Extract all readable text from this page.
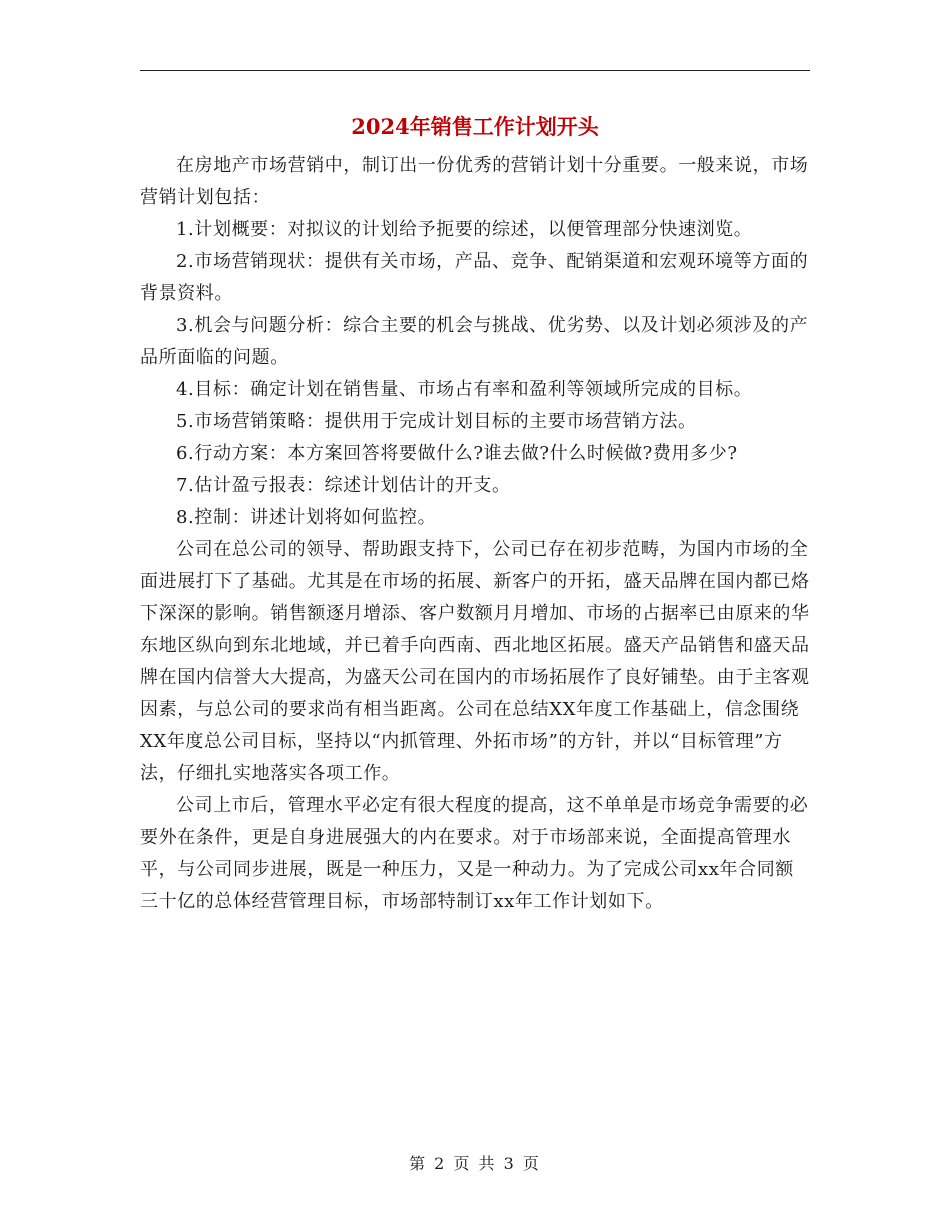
2024年销售工作计划开头

在房地产市场营销中，制订出一份优秀的营销计划十分重要。一般来说，市场营销计划包括：

1.计划概要：对拟议的计划给予扼要的综述，以便管理部分快速浏览。

2.市场营销现状：提供有关市场，产品、竞争、配销渠道和宏观环境等方面的背景资料。

3.机会与问题分析：综合主要的机会与挑战、优劣势、以及计划必须涉及的产品所面临的问题。

4.目标：确定计划在销售量、市场占有率和盈利等领域所完成的目标。

5.市场营销策略：提供用于完成计划目标的主要市场营销方法。

6.行动方案：本方案回答将要做什么?谁去做?什么时候做?费用多少?

7.估计盈亏报表：综述计划估计的开支。

8.控制：讲述计划将如何监控。

公司在总公司的领导、帮助跟支持下，公司已存在初步范畴，为国内市场的全面进展打下了基础。尤其是在市场的拓展、新客户的开拓，盛天品牌在国内都已烙下深深的影响。销售额逐月增添、客户数额月月增加、市场的占据率已由原来的华东地区纵向到东北地域，并已着手向西南、西北地区拓展。盛天产品销售和盛天品牌在国内信誉大大提高，为盛天公司在国内的市场拓展作了良好铺垫。由于主客观因素，与总公司的要求尚有相当距离。公司在总结XX年度工作基础上，信念围绕XX年度总公司目标，坚持以“内抓管理、外拓市场”的方针，并以“目标管理”方法，仔细扎实地落实各项工作。

公司上市后，管理水平必定有很大程度的提高，这不单单是市场竞争需要的必要外在条件，更是自身进展强大的内在要求。对于市场部来说，全面提高管理水平，与公司同步进展，既是一种压力，又是一种动力。为了完成公司xx年合同额三十亿的总体经营管理目标，市场部特制订xx年工作计划如下。

第 2 页 共 3 页
